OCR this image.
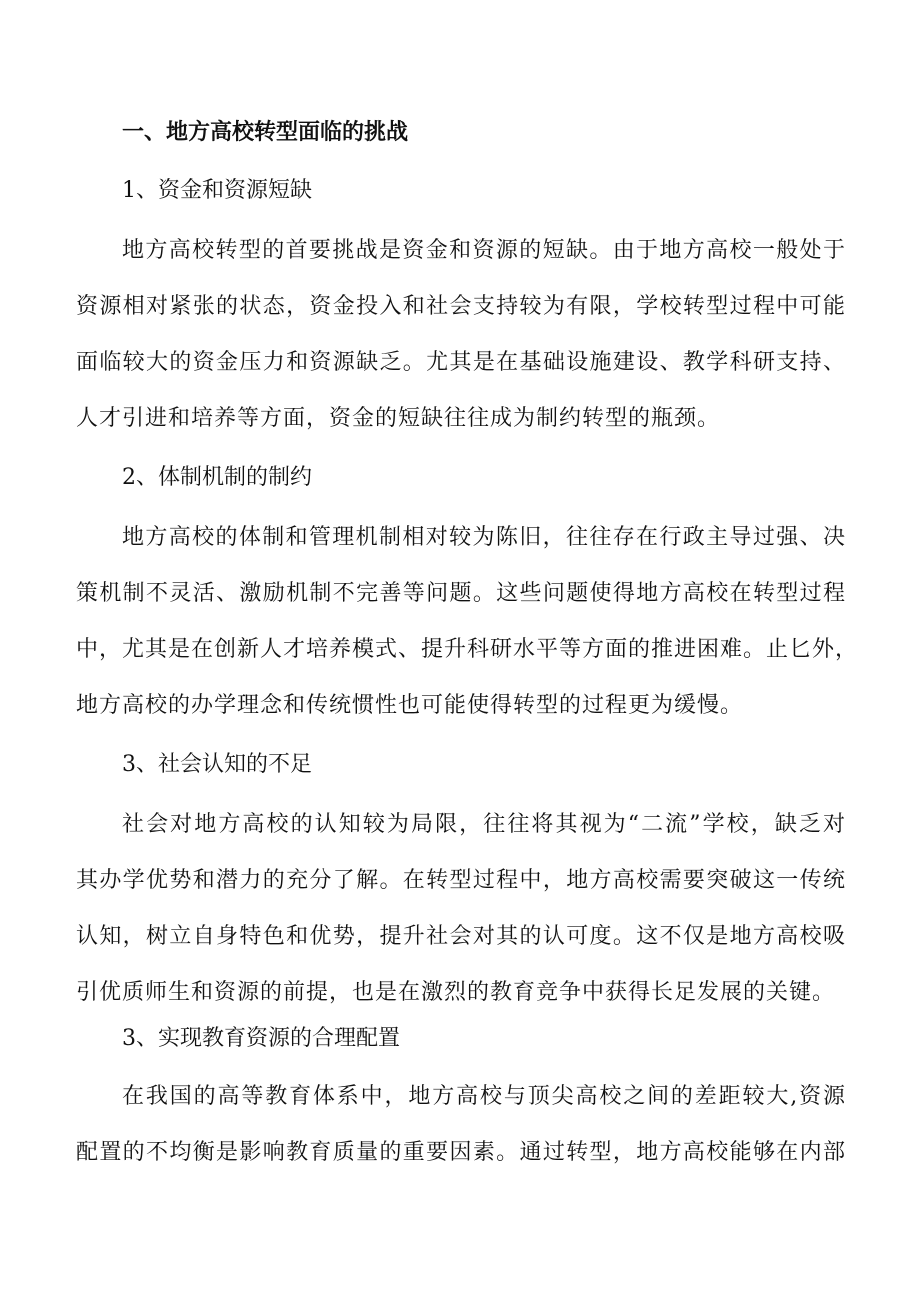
一、地方高校转型面临的挑战

1、资金和资源短缺

地方高校转型的首要挑战是资金和资源的短缺。由于地方高校一般处于

资源相对紧张的状态，资金投入和社会支持较为有限，学校转型过程中可能

面临较大的资金压力和资源缺乏。尤其是在基础设施建设、教学科研支持、

人才引进和培养等方面，资金的短缺往往成为制约转型的瓶颈。

2、体制机制的制约

地方高校的体制和管理机制相对较为陈旧，往往存在行政主导过强、决

策机制不灵活、激励机制不完善等问题。这些问题使得地方高校在转型过程

中，尤其是在创新人才培养模式、提升科研水平等方面的推进困难。止匕外，

地方高校的办学理念和传统惯性也可能使得转型的过程更为缓慢。

3、社会认知的不足

社会对地方高校的认知较为局限，往往将其视为“二流”学校，缺乏对

其办学优势和潜力的充分了解。在转型过程中，地方高校需要突破这一传统

认知，树立自身特色和优势，提升社会对其的认可度。这不仅是地方高校吸

引优质师生和资源的前提，也是在激烈的教育竞争中获得长足发展的关键。

3、实现教育资源的合理配置

在我国的高等教育体系中，地方高校与顶尖高校之间的差距较大,资源

配置的不均衡是影响教育质量的重要因素。通过转型，地方高校能够在内部
